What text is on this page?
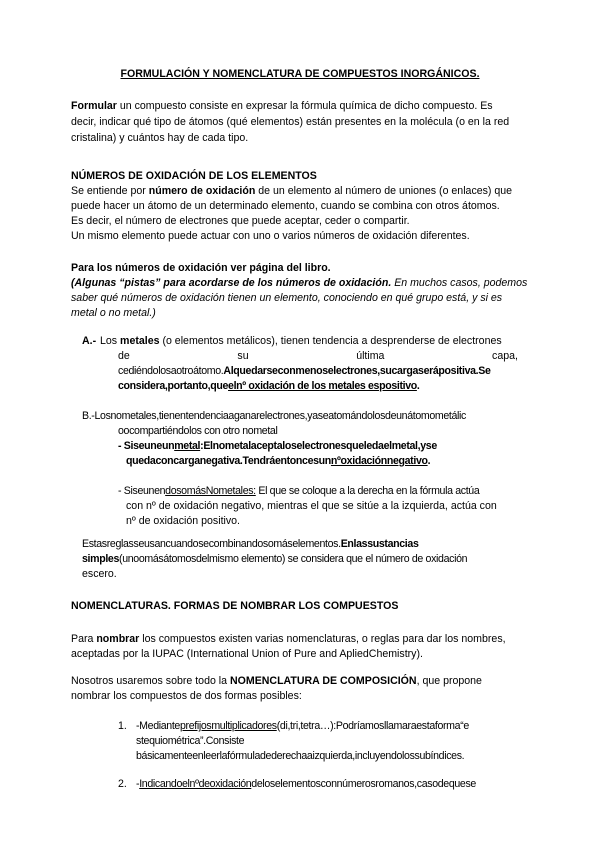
FORMULACIÓN Y NOMENCLATURA DE COMPUESTOS INORGÁNICOS.
Formular un compuesto consiste en expresar la fórmula química de dicho compuesto. Es
decir, indicar qué tipo de átomos (qué elementos) están presentes en la molécula (o en la red
cristalina) y cuántos hay de cada tipo.
NÚMEROS DE OXIDACIÓN DE LOS ELEMENTOS
Se entiende por número de oxidación de un elemento al número de uniones (o enlaces) que
puede hacer un átomo de un determinado elemento, cuando se combina con otros átomos.
Es decir, el número de electrones que puede aceptar, ceder o compartir.
Un mismo elemento puede actuar con uno o varios números de oxidación diferentes.
Para los números de oxidación ver página del libro.
(Algunas “pistas” para acordarse de los números de oxidación. En muchos casos, podemos
saber qué números de oxidación tienen un elemento, conociendo en qué grupo está, y si es
metal o no metal.)
A.- Los metales (o elementos metálicos), tienen tendencia a desprenderse de electrones
de	su	última	capa,
cediéndolosaotroátomo.Alquedarseconmenoselectrones,sucargaserápositiva.Se
considera,portanto,queelnº oxidación de los metales espositivo.
B.-Losnometales,tienentendenciaaganarelectrones,yaseatomándolosdeunátomometálic
oocompartiéndolos con otro nometal
- Siseuneunmetal:Elnometalaceptaloselectronesqueledaelmetal,yse
quedaconcarganegativa.Tendráentoncesunnºoxidaciónnegativo.
- SiseunendosomásNometales: El que se coloque a la derecha en la fórmula actúa
con nº de oxidación negativo, mientras el que se sitúe a la izquierda, actúa con
nº de oxidación positivo.
Estasreglasseusancuandosecombinandosomáselementos.Enlassustancias
simples(unoomásátomosdelmismo elemento) se considera que el número de oxidación
escero.
NOMENCLATURAS. FORMAS DE NOMBRAR LOS COMPUESTOS
Para nombrar los compuestos existen varias nomenclaturas, o reglas para dar los nombres,
aceptadas por la IUPAC (International Union of Pure and ApliedChemistry).
Nosotros usaremos sobre todo la NOMENCLATURA DE COMPOSICIÓN, que propone
nombrar los compuestos de dos formas posibles:
1. -Medianteprefijosmultiplicadores(di,tri,tetra…):Podríamosllamaraestaforma“e
stequiométrica”.Consiste
básicamenteenleerlafórmuladederechaaizquierda,incluyendolossubíndices.
2. -Indicandoelnºdeoxidacióndeloselementosconnúmerosromanos,casodequese
